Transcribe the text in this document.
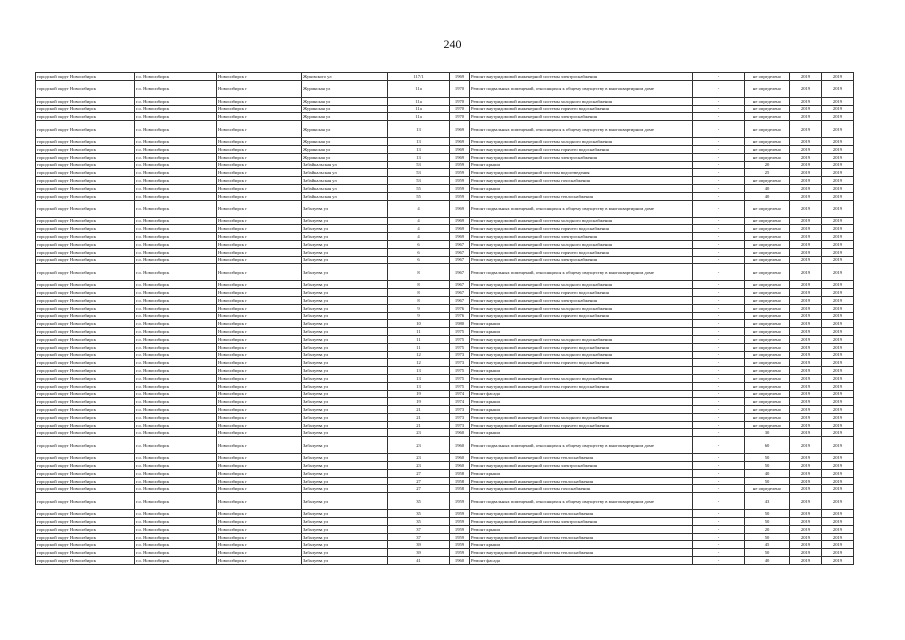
240
городской округ Новосибирск	г.о. Новосибирск	Новосибирск г	Жуковского ул	117/1	1969	Ремонт внутридомовой инженерной системы электроснабжения	-	не определено	2019	2019
городской округ Новосибирск	г.о. Новосибирск	Новосибирск г	Журинская ул	11а	1970	Ремонт подвальных помещений, относящихся к общему имуществу в многоквартирном доме	-	не определено	2019	2019
городской округ Новосибирск	г.о. Новосибирск	Новосибирск г	Журинская ул	11а	1970	Ремонт внутридомовой инженерной системы холодного водоснабжения	-	не определено	2019	2019
городской округ Новосибирск	г.о. Новосибирск	Новосибирск г	Журинская ул	11а	1970	Ремонт внутридомовой инженерной системы горячего водоснабжения	-	не определено	2019	2019
городской округ Новосибирск	г.о. Новосибирск	Новосибирск г	Журинская ул	11а	1970	Ремонт внутридомовой инженерной системы электроснабжения	-	не определено	2019	2019
городской округ Новосибирск	г.о. Новосибирск	Новосибирск г	Журинская ул	13	1969	Ремонт подвальных помещений, относящихся к общему имуществу в многоквартирном доме	-	не определено	2019	2019
городской округ Новосибирск	г.о. Новосибирск	Новосибирск г	Журинская ул	13	1969	Ремонт внутридомовой инженерной системы холодного водоснабжения	-	не определено	2019	2019
городской округ Новосибирск	г.о. Новосибирск	Новосибирск г	Журинская ул	13	1969	Ремонт внутридомовой инженерной системы горячего водоснабжения	-	не определено	2019	2019
городской округ Новосибирск	г.о. Новосибирск	Новосибирск г	Журинская ул	13	1969	Ремонт внутридомовой инженерной системы электроснабжения	-	не определено	2019	2019
городской округ Новосибирск	г.о. Новосибирск	Новосибирск г	Забайкальская ул	53	1959	Ремонт крыши	-	20	2019	2019
городской округ Новосибирск	г.о. Новосибирск	Новосибирск г	Забайкальская ул	53	1959	Ремонт внутридомовой инженерной системы водоотведения	-	25	2019	2019
городской округ Новосибирск	г.о. Новосибирск	Новосибирск г	Забайкальская ул	53	1959	Ремонт внутридомовой инженерной системы газоснабжения	-	не определено	2019	2019
городской округ Новосибирск	г.о. Новосибирск	Новосибирск г	Забайкальская ул	55	1959	Ремонт крыши	-	40	2019	2019
городской округ Новосибирск	г.о. Новосибирск	Новосибирск г	Забайкальская ул	55	1959	Ремонт внутридомовой инженерной системы теплоснабжения	-	40	2019	2019
городской округ Новосибирск	г.о. Новосибирск	Новосибирск г	Забалуева ул	4	1969	Ремонт подвальных помещений, относящихся к общему имуществу в многоквартирном доме	-	не определено	2019	2019
городской округ Новосибирск	г.о. Новосибирск	Новосибирск г	Забалуева ул	4	1969	Ремонт внутридомовой инженерной системы холодного водоснабжения	-	не определено	2019	2019
городской округ Новосибирск	г.о. Новосибирск	Новосибирск г	Забалуева ул	4	1969	Ремонт внутридомовой инженерной системы горячего водоснабжения	-	не определено	2019	2019
городской округ Новосибирск	г.о. Новосибирск	Новосибирск г	Забалуева ул	4	1969	Ремонт внутридомовой инженерной системы электроснабжения	-	не определено	2019	2019
городской округ Новосибирск	г.о. Новосибирск	Новосибирск г	Забалуева ул	6	1967	Ремонт внутридомовой инженерной системы холодного водоснабжения	-	не определено	2019	2019
городской округ Новосибирск	г.о. Новосибирск	Новосибирск г	Забалуева ул	6	1967	Ремонт внутридомовой инженерной системы горячего водоснабжения	-	не определено	2019	2019
городской округ Новосибирск	г.о. Новосибирск	Новосибирск г	Забалуева ул	6	1967	Ремонт внутридомовой инженерной системы электроснабжения	-	не определено	2019	2019
городской округ Новосибирск	г.о. Новосибирск	Новосибирск г	Забалуева ул	8	1967	Ремонт подвальных помещений, относящихся к общему имуществу в многоквартирном доме	-	не определено	2019	2019
городской округ Новосибирск	г.о. Новосибирск	Новосибирск г	Забалуева ул	8	1967	Ремонт внутридомовой инженерной системы холодного водоснабжения	-	не определено	2019	2019
городской округ Новосибирск	г.о. Новосибирск	Новосибирск г	Забалуева ул	8	1967	Ремонт внутридомовой инженерной системы горячего водоснабжения	-	не определено	2019	2019
городской округ Новосибирск	г.о. Новосибирск	Новосибирск г	Забалуева ул	8	1967	Ремонт внутридомовой инженерной системы электроснабжения	-	не определено	2019	2019
городской округ Новосибирск	г.о. Новосибирск	Новосибирск г	Забалуева ул	9	1976	Ремонт внутридомовой инженерной системы холодного водоснабжения	-	не определено	2019	2019
городской округ Новосибирск	г.о. Новосибирск	Новосибирск г	Забалуева ул	9	1976	Ремонт внутридомовой инженерной системы горячего водоснабжения	-	не определено	2019	2019
городской округ Новосибирск	г.о. Новосибирск	Новосибирск г	Забалуева ул	10	1980	Ремонт крыши	-	не определено	2019	2019
городской округ Новосибирск	г.о. Новосибирск	Новосибирск г	Забалуева ул	11	1975	Ремонт крыши	-	не определено	2019	2019
городской округ Новосибирск	г.о. Новосибирск	Новосибирск г	Забалуева ул	11	1975	Ремонт внутридомовой инженерной системы холодного водоснабжения	-	не определено	2019	2019
городской округ Новосибирск	г.о. Новосибирск	Новосибирск г	Забалуева ул	11	1975	Ремонт внутридомовой инженерной системы горячего водоснабжения	-	не определено	2019	2019
городской округ Новосибирск	г.о. Новосибирск	Новосибирск г	Забалуева ул	12	1973	Ремонт внутридомовой инженерной системы холодного водоснабжения	-	не определено	2019	2019
городской округ Новосибирск	г.о. Новосибирск	Новосибирск г	Забалуева ул	12	1973	Ремонт внутридомовой инженерной системы горячего водоснабжения	-	не определено	2019	2019
городской округ Новосибирск	г.о. Новосибирск	Новосибирск г	Забалуева ул	13	1975	Ремонт крыши	-	не определено	2019	2019
городской округ Новосибирск	г.о. Новосибирск	Новосибирск г	Забалуева ул	13	1975	Ремонт внутридомовой инженерной системы холодного водоснабжения	-	не определено	2019	2019
городской округ Новосибирск	г.о. Новосибирск	Новосибирск г	Забалуева ул	13	1975	Ремонт внутридомовой инженерной системы горячего водоснабжения	-	не определено	2019	2019
городской округ Новосибирск	г.о. Новосибирск	Новосибирск г	Забалуева ул	19	1974	Ремонт фасада	-	не определено	2019	2019
городской округ Новосибирск	г.о. Новосибирск	Новосибирск г	Забалуева ул	19	1974	Ремонт крыши	-	не определено	2019	2019
городской округ Новосибирск	г.о. Новосибирск	Новосибирск г	Забалуева ул	21	1973	Ремонт крыши	-	не определено	2019	2019
городской округ Новосибирск	г.о. Новосибирск	Новосибирск г	Забалуева ул	21	1973	Ремонт внутридомовой инженерной системы холодного водоснабжения	-	не определено	2019	2019
городской округ Новосибирск	г.о. Новосибирск	Новосибирск г	Забалуева ул	21	1973	Ремонт внутридомовой инженерной системы горячего водоснабжения	-	не определено	2019	2019
городской округ Новосибирск	г.о. Новосибирск	Новосибирск г	Забалуева ул	23	1960	Ремонт крыши	-	30	2019	2019
городской округ Новосибирск	г.о. Новосибирск	Новосибирск г	Забалуева ул	23	1960	Ремонт подвальных помещений, относящихся к общему имуществу в многоквартирном доме	-	60	2019	2019
городской округ Новосибирск	г.о. Новосибирск	Новосибирск г	Забалуева ул	23	1960	Ремонт внутридомовой инженерной системы теплоснабжения	-	50	2019	2019
городской округ Новосибирск	г.о. Новосибирск	Новосибирск г	Забалуева ул	23	1960	Ремонт внутридомовой инженерной системы электроснабжения	-	50	2019	2019
городской округ Новосибирск	г.о. Новосибирск	Новосибирск г	Забалуева ул	27	1958	Ремонт крыши	-	40	2019	2019
городской округ Новосибирск	г.о. Новосибирск	Новосибирск г	Забалуева ул	27	1958	Ремонт внутридомовой инженерной системы теплоснабжения	-	50	2019	2019
городской округ Новосибирск	г.о. Новосибирск	Новосибирск г	Забалуева ул	27	1958	Ремонт внутридомовой инженерной системы газоснабжения	-	не определено	2019	2019
городской округ Новосибирск	г.о. Новосибирск	Новосибирск г	Забалуева ул	35	1959	Ремонт подвальных помещений, относящихся к общему имуществу в многоквартирном доме	-	43	2019	2019
городской округ Новосибирск	г.о. Новосибирск	Новосибирск г	Забалуева ул	35	1959	Ремонт внутридомовой инженерной системы теплоснабжения	-	50	2019	2019
городской округ Новосибирск	г.о. Новосибирск	Новосибирск г	Забалуева ул	35	1959	Ремонт внутридомовой инженерной системы электроснабжения	-	50	2019	2019
городской округ Новосибирск	г.о. Новосибирск	Новосибирск г	Забалуева ул	37	1959	Ремонт крыши	-	20	2019	2019
городской округ Новосибирск	г.о. Новосибирск	Новосибирск г	Забалуева ул	37	1959	Ремонт внутридомовой инженерной системы теплоснабжения	-	50	2019	2019
городской округ Новосибирск	г.о. Новосибирск	Новосибирск г	Забалуева ул	39	1959	Ремонт крыши	-	45	2019	2019
городской округ Новосибирск	г.о. Новосибирск	Новосибирск г	Забалуева ул	39	1959	Ремонт внутридомовой инженерной системы теплоснабжения	-	50	2019	2019
городской округ Новосибирск	г.о. Новосибирск	Новосибирск г	Забалуева ул	41	1960	Ремонт фасада	-	40	2019	2019
